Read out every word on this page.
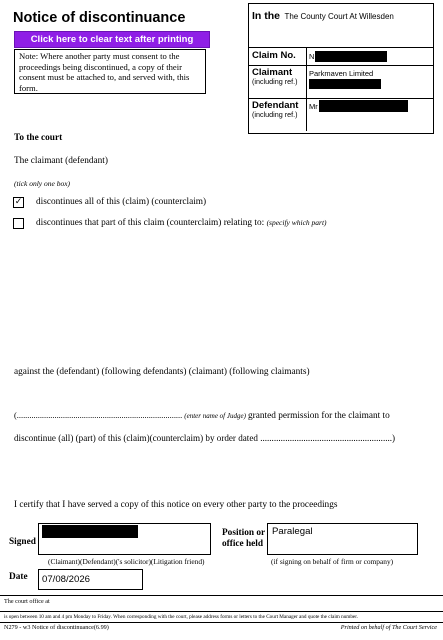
Notice of discontinuance
Click here to clear text after printing
Note: Where another party must consent to the proceedings being discontinued, a copy of their consent must be attached to, and served with, this form.
In the The County Court At Willesden
Claim No. N
Claimant
(including ref.)
Parkmaven Limited
Defendant
(including ref.)
Mr
To the court
The claimant (defendant)
(tick only one box)
✓ discontinues all of this (claim) (counterclaim)
discontinues that part of this claim (counterclaim) relating to: (specify which part)
against the (defendant) (following defendants) (claimant) (following claimants)
(............................................................................... (enter name of Judge) granted permission for the claimant to
discontinue (all) (part) of this (claim)(counterclaim) by order dated ..........................................................)
I certify that I have served a copy of this notice on every other party to the proceedings
Signed
(Claimant)(Defendant)('s solicitor)(Litigation friend)
Position or
office held
Paralegal
(if signing on behalf of firm or company)
Date	07/08/2026
The court office at
is open between 10 am and 4 pm Monday to Friday. When corresponding with the court, please address forms or letters to the Court Manager and quote the claim number.
N279 - w3 Notice of discontinuance(6.99)	Printed on behalf of The Court Service
